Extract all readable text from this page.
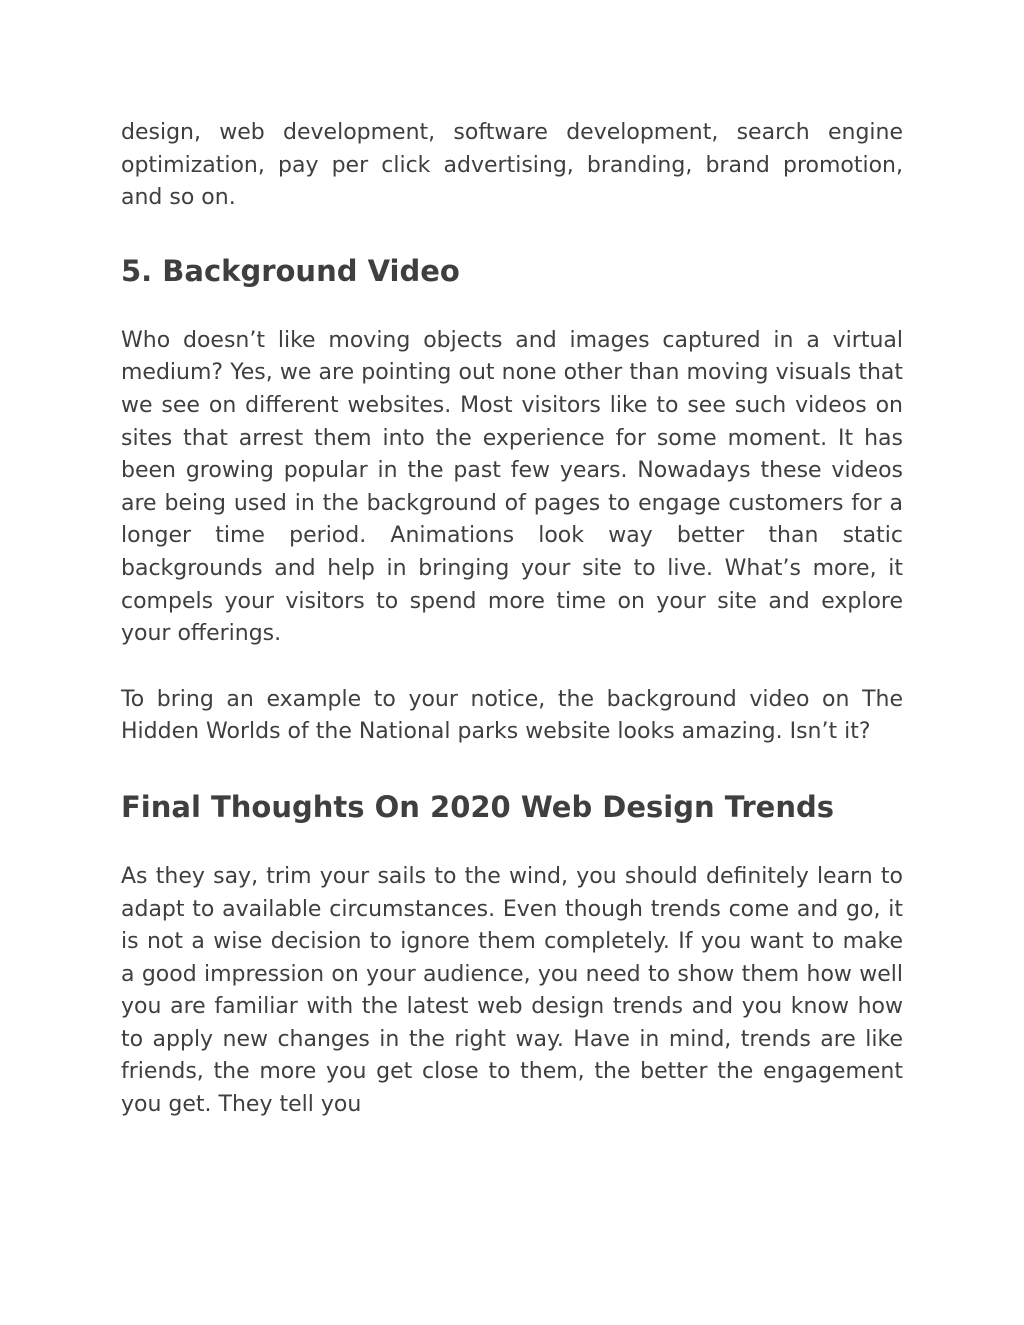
design, web development, software development, search engine optimization, pay per click advertising, branding, brand promotion, and so on.

5. Background Video

Who doesn’t like moving objects and images captured in a virtual medium? Yes, we are pointing out none other than moving visuals that we see on different websites. Most visitors like to see such videos on sites that arrest them into the experience for some moment. It has been growing popular in the past few years. Nowadays these videos are being used in the background of pages to engage customers for a longer time period. Animations look way better than static backgrounds and help in bringing your site to live. What’s more, it compels your visitors to spend more time on your site and explore your offerings.

To bring an example to your notice, the background video on The Hidden Worlds of the National parks website looks amazing. Isn’t it?

Final Thoughts On 2020 Web Design Trends

As they say, trim your sails to the wind, you should definitely learn to adapt to available circumstances. Even though trends come and go, it is not a wise decision to ignore them completely. If you want to make a good impression on your audience, you need to show them how well you are familiar with the latest web design trends and you know how to apply new changes in the right way. Have in mind, trends are like friends, the more you get close to them, the better the engagement you get. They tell you
